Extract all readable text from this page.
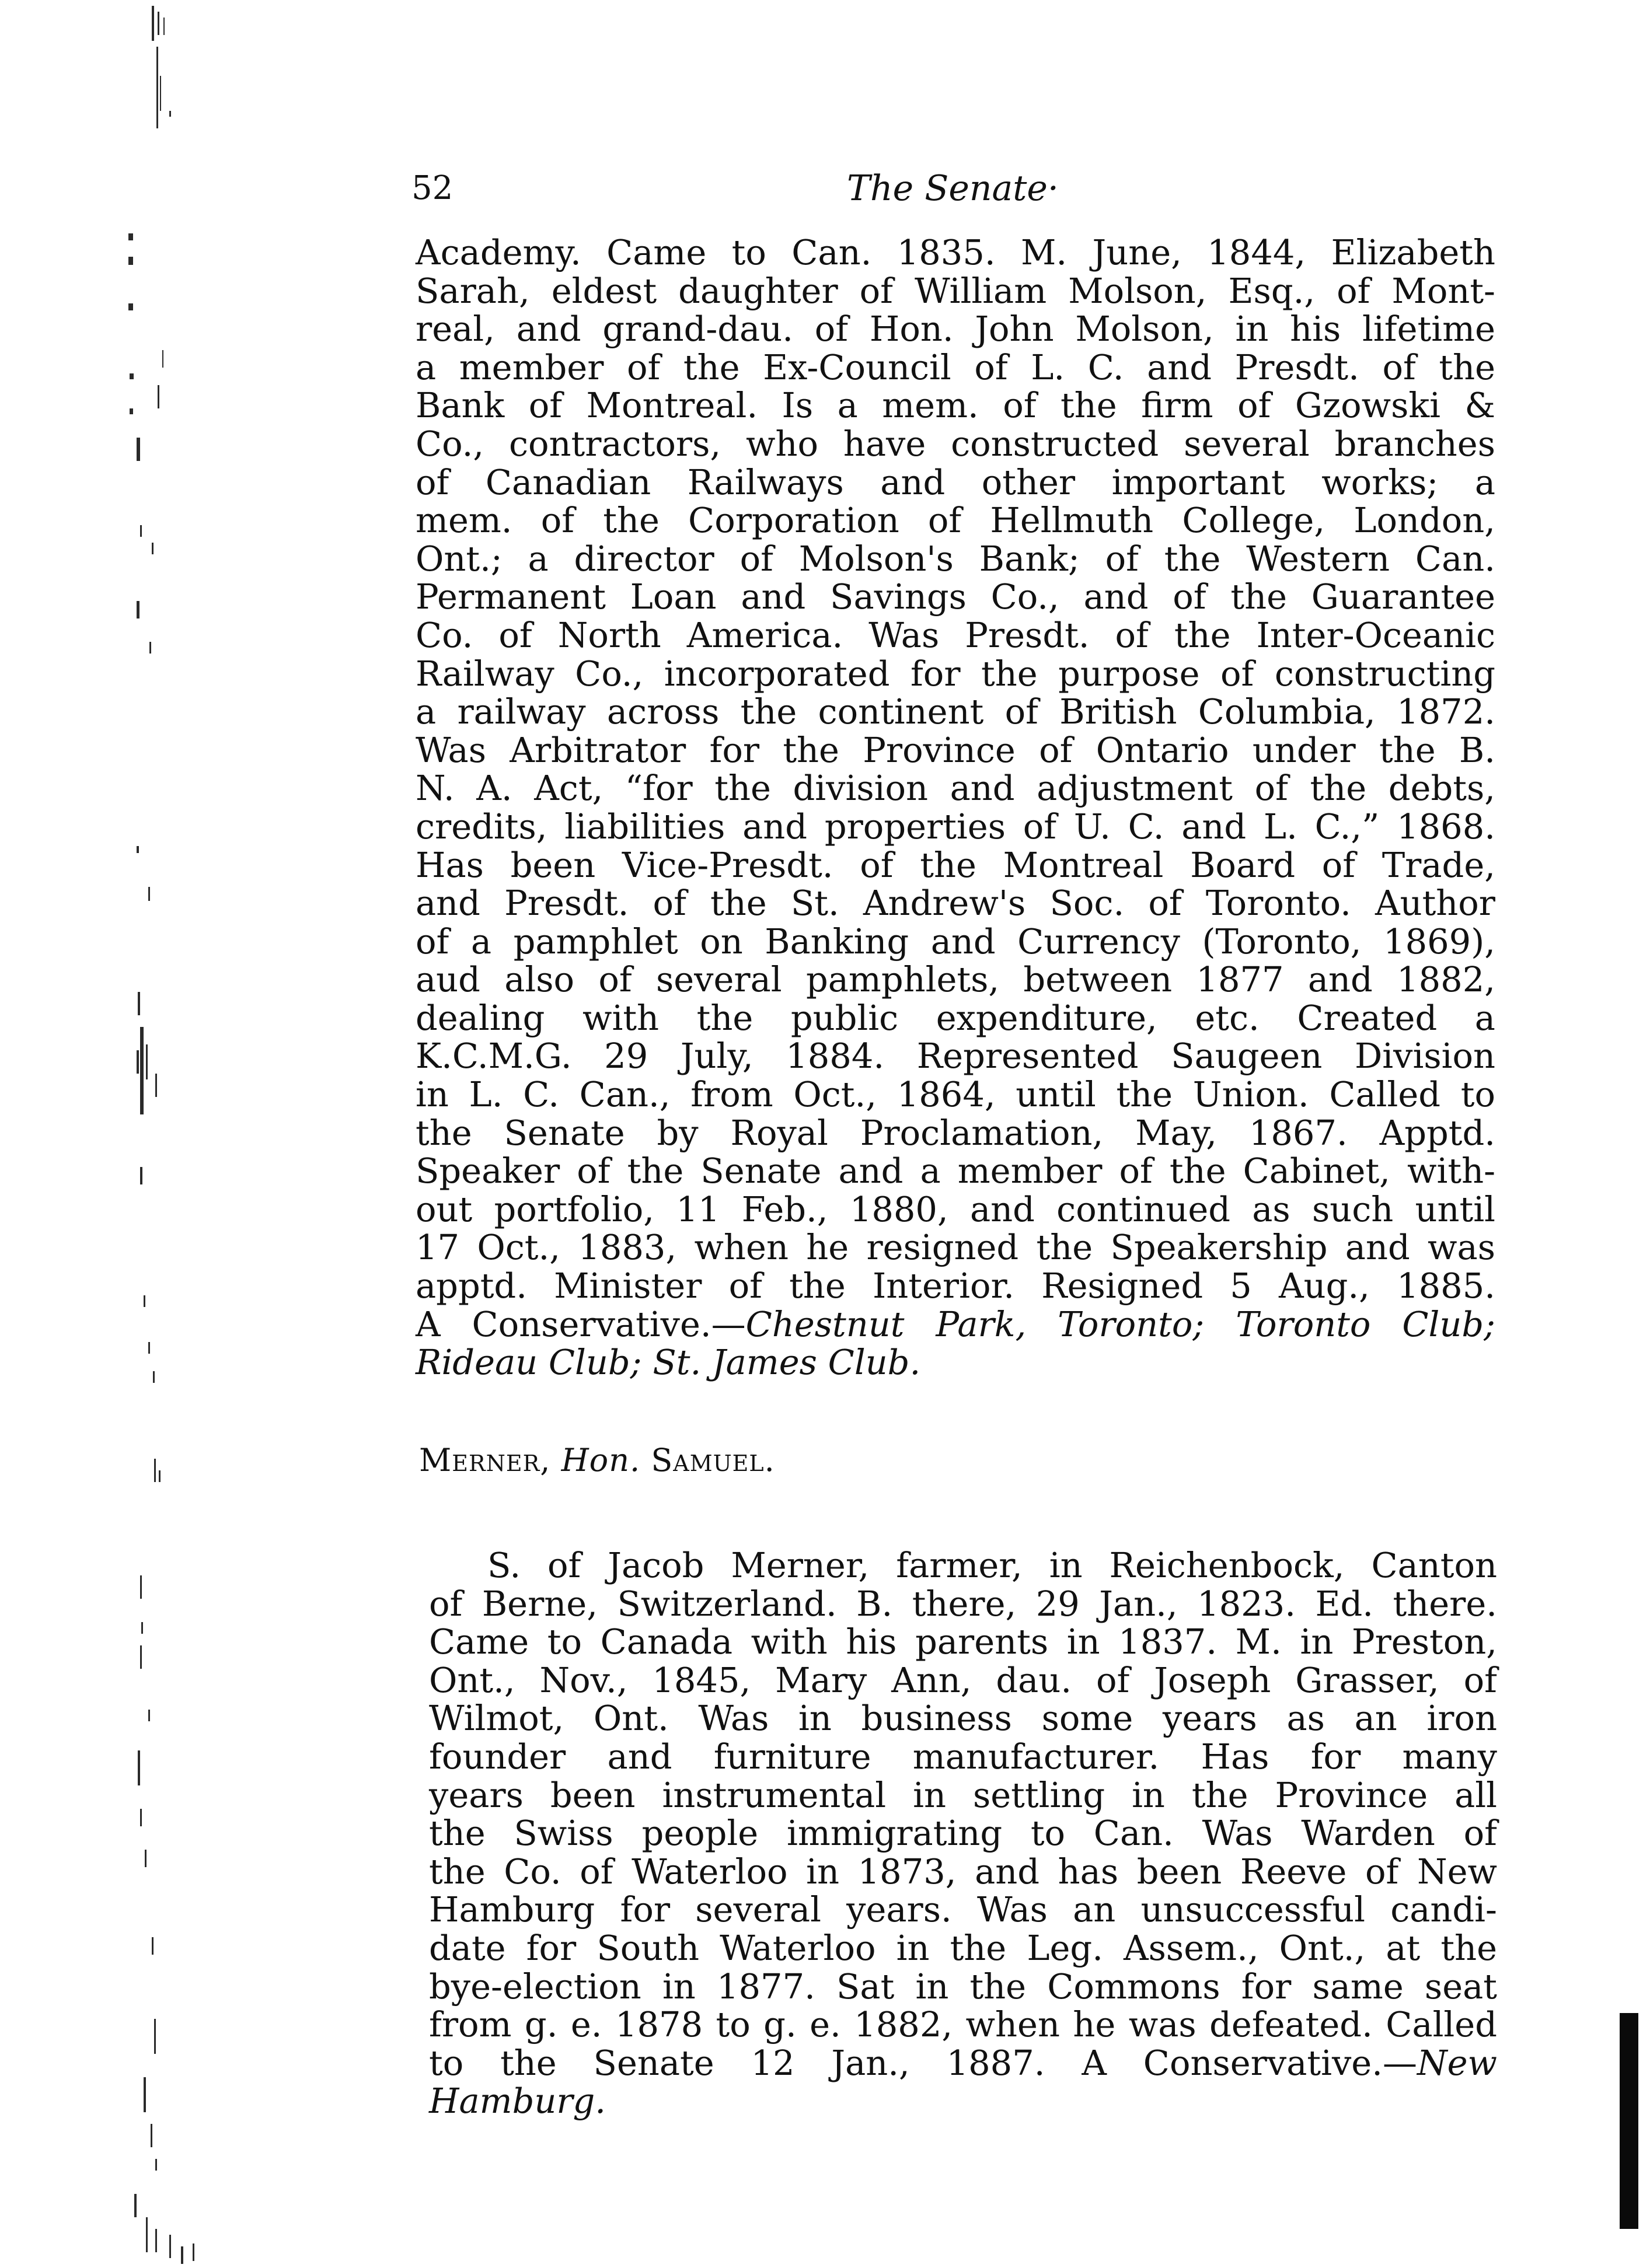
52	The Senate·

Academy. Came to Can. 1835. M. June, 1844, Elizabeth
Sarah, eldest daughter of William Molson, Esq., of Mont-
real, and grand-dau. of Hon. John Molson, in his lifetime
a member of the Ex-Council of L. C. and Presdt. of the
Bank of Montreal. Is a mem. of the firm of Gzowski &
Co., contractors, who have constructed several branches
of Canadian Railways and other important works; a
mem. of the Corporation of Hellmuth College, London,
Ont.; a director of Molson's Bank; of the Western Can.
Permanent Loan and Savings Co., and of the Guarantee
Co. of North America. Was Presdt. of the Inter-Oceanic
Railway Co., incorporated for the purpose of constructing
a railway across the continent of British Columbia, 1872.
Was Arbitrator for the Province of Ontario under the B.
N. A. Act, “for the division and adjustment of the debts,
credits, liabilities and properties of U. C. and L. C.,” 1868.
Has been Vice-Presdt. of the Montreal Board of Trade,
and Presdt. of the St. Andrew's Soc. of Toronto. Author
of a pamphlet on Banking and Currency (Toronto, 1869),
aud also of several pamphlets, between 1877 and 1882,
dealing with the public expenditure, etc. Created a
K.C.M.G. 29 July, 1884. Represented Saugeen Division
in L. C. Can., from Oct., 1864, until the Union. Called to
the Senate by Royal Proclamation, May, 1867. Apptd.
Speaker of the Senate and a member of the Cabinet, with-
out portfolio, 11 Feb., 1880, and continued as such until
17 Oct., 1883, when he resigned the Speakership and was
apptd. Minister of the Interior. Resigned 5 Aug., 1885.
A Conservative.—Chestnut Park, Toronto; Toronto Club;
Rideau Club; St. James Club.

Merner, Hon. Samuel.

S. of Jacob Merner, farmer, in Reichenbock, Canton
of Berne, Switzerland. B. there, 29 Jan., 1823. Ed. there.
Came to Canada with his parents in 1837. M. in Preston,
Ont., Nov., 1845, Mary Ann, dau. of Joseph Grasser, of
Wilmot, Ont. Was in business some years as an iron
founder and furniture manufacturer. Has for many
years been instrumental in settling in the Province all
the Swiss people immigrating to Can. Was Warden of
the Co. of Waterloo in 1873, and has been Reeve of New
Hamburg for several years. Was an unsuccessful candi-
date for South Waterloo in the Leg. Assem., Ont., at the
bye-election in 1877. Sat in the Commons for same seat
from g. e. 1878 to g. e. 1882, when he was defeated. Called
to the Senate 12 Jan., 1887. A Conservative.—New
Hamburg.
